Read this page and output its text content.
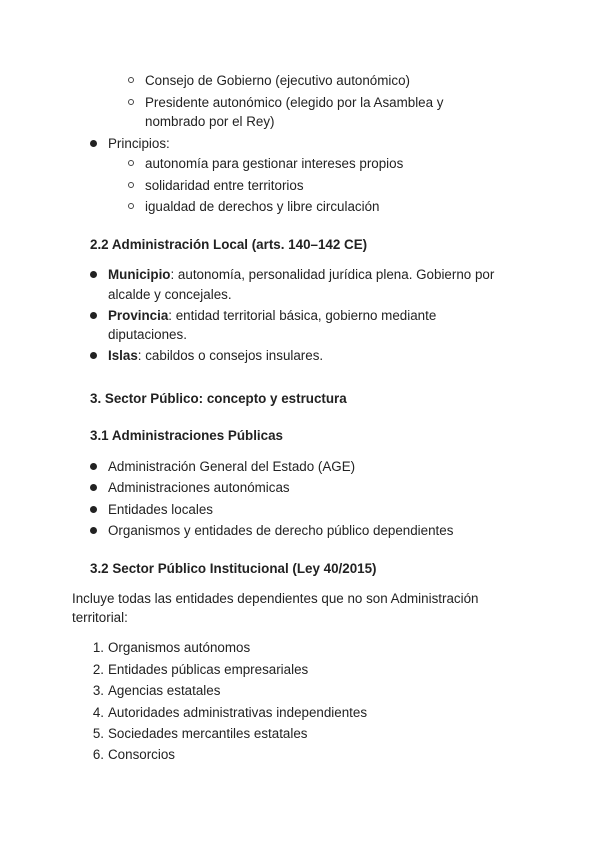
Consejo de Gobierno (ejecutivo autonómico)
Presidente autonómico (elegido por la Asamblea y
nombrado por el Rey)
Principios:
autonomía para gestionar intereses propios
solidaridad entre territorios
igualdad de derechos y libre circulación
2.2 Administración Local (arts. 140–142 CE)
Municipio: autonomía, personalidad jurídica plena. Gobierno por
alcalde y concejales.
Provincia: entidad territorial básica, gobierno mediante
diputaciones.
Islas: cabildos o consejos insulares.
3. Sector Público: concepto y estructura
3.1 Administraciones Públicas
Administración General del Estado (AGE)
Administraciones autonómicas
Entidades locales
Organismos y entidades de derecho público dependientes
3.2 Sector Público Institucional (Ley 40/2015)
Incluye todas las entidades dependientes que no son Administración
territorial:
1. Organismos autónomos
2. Entidades públicas empresariales
3. Agencias estatales
4. Autoridades administrativas independientes
5. Sociedades mercantiles estatales
6. Consorcios
